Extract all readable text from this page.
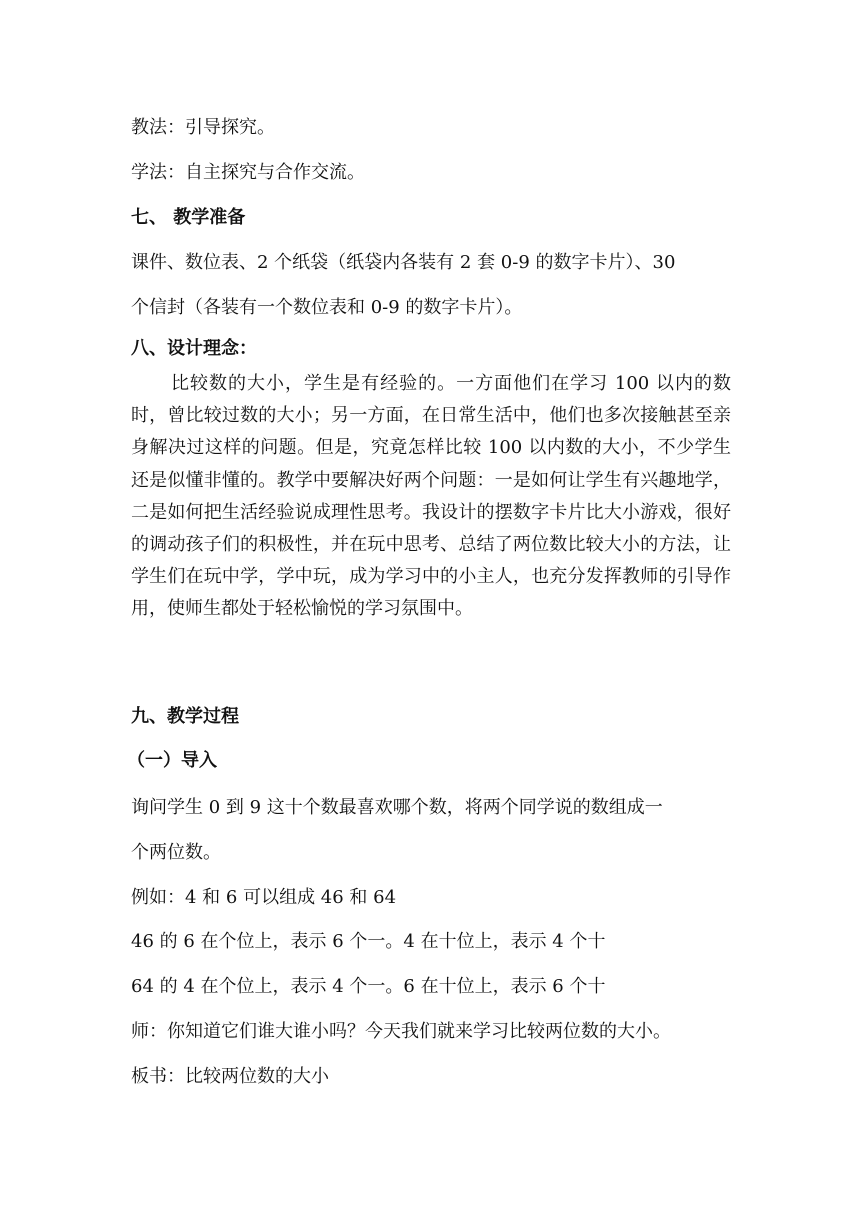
教法：引导探究。
学法：自主探究与合作交流。
七、 教学准备
课件、数位表、2 个纸袋（纸袋内各装有 2 套 0-9 的数字卡片）、30
个信封（各装有一个数位表和 0-9 的数字卡片）。
八、设计理念：
比较数的大小，学生是有经验的。一方面他们在学习 100 以内的数时，曾比较过数的大小；另一方面，在日常生活中，他们也多次接触甚至亲身解决过这样的问题。但是，究竟怎样比较 100 以内数的大小，不少学生还是似懂非懂的。教学中要解决好两个问题：一是如何让学生有兴趣地学，二是如何把生活经验说成理性思考。我设计的摆数字卡片比大小游戏，很好的调动孩子们的积极性，并在玩中思考、总结了两位数比较大小的方法，让学生们在玩中学，学中玩，成为学习中的小主人，也充分发挥教师的引导作用，使师生都处于轻松愉悦的学习氛围中。
九、教学过程
（一）导入
询问学生 0 到 9 这十个数最喜欢哪个数，将两个同学说的数组成一
个两位数。
例如：4 和 6 可以组成 46 和 64
46 的 6 在个位上，表示 6 个一。4 在十位上，表示 4 个十
64 的 4 在个位上，表示 4 个一。6 在十位上，表示 6 个十
师：你知道它们谁大谁小吗？今天我们就来学习比较两位数的大小。
板书：比较两位数的大小
